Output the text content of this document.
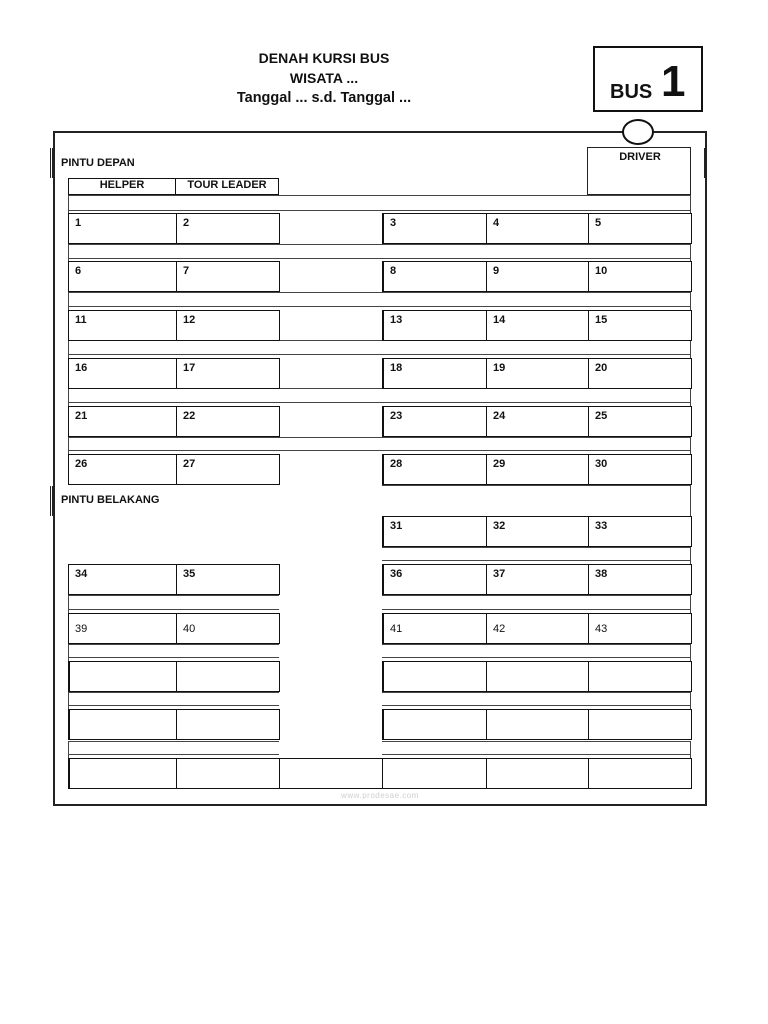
DENAH KURSI BUS
WISATA ...
Tanggal ... s.d. Tanggal ...	BUS 1
PINTU DEPAN
PINTU BELAKANG
DRIVER
HELPER	TOUR LEADER
1	2	3	4	5
6	7	8	9	10
11	12	13	14	15
16	17	18	19	20
21	22	23	24	25
26	27	28	29	30
31	32	33
34	35	36	37	38
39	40	41	42	43
www.prodesae.com
